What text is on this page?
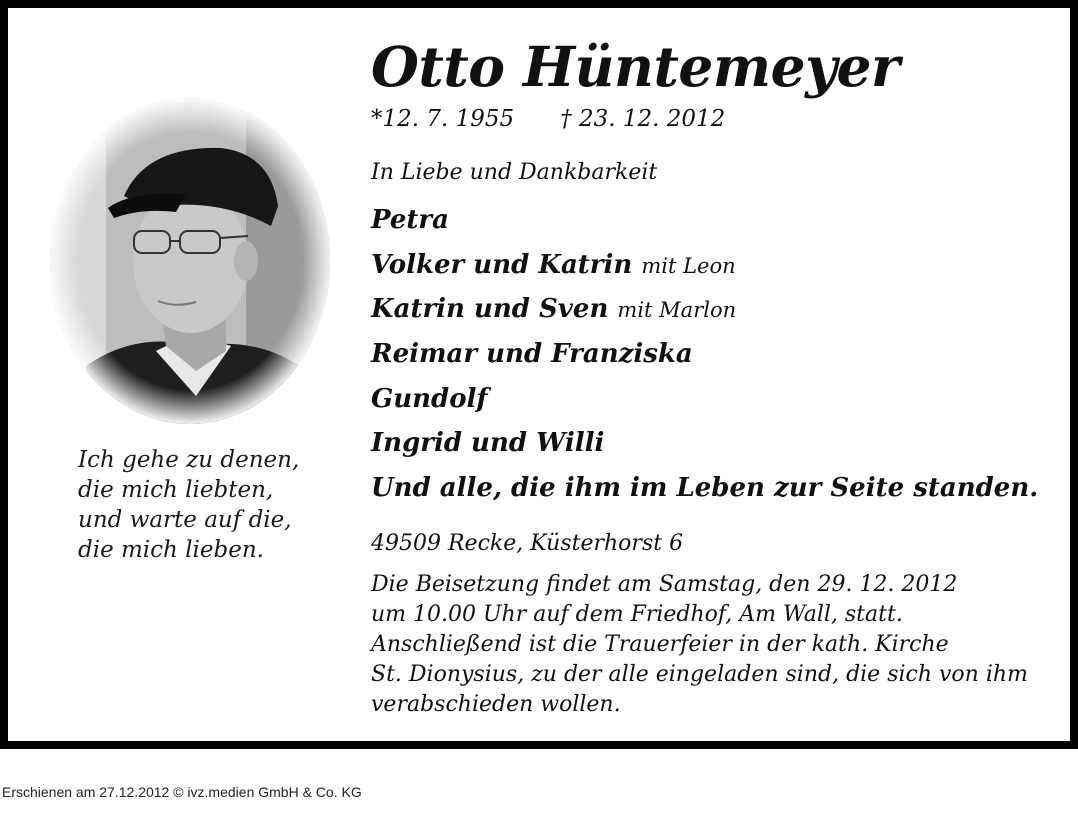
Ich gehe zu denen,
die mich liebten,
und warte auf die,
die mich lieben.
Otto Hüntemeyer
*12. 7. 1955 † 23. 12. 2012
In Liebe und Dankbarkeit
Petra
Volker und Katrin mit Leon
Katrin und Sven mit Marlon
Reimar und Franziska
Gundolf
Ingrid und Willi
Und alle, die ihm im Leben zur Seite standen.
49509 Recke, Küsterhorst 6
Die Beisetzung findet am Samstag, den 29. 12. 2012
um 10.00 Uhr auf dem Friedhof, Am Wall, statt.
Anschließend ist die Trauerfeier in der kath. Kirche
St. Dionysius, zu der alle eingeladen sind, die sich von ihm
verabschieden wollen.
Erschienen am 27.12.2012 © ivz.medien GmbH & Co. KG
